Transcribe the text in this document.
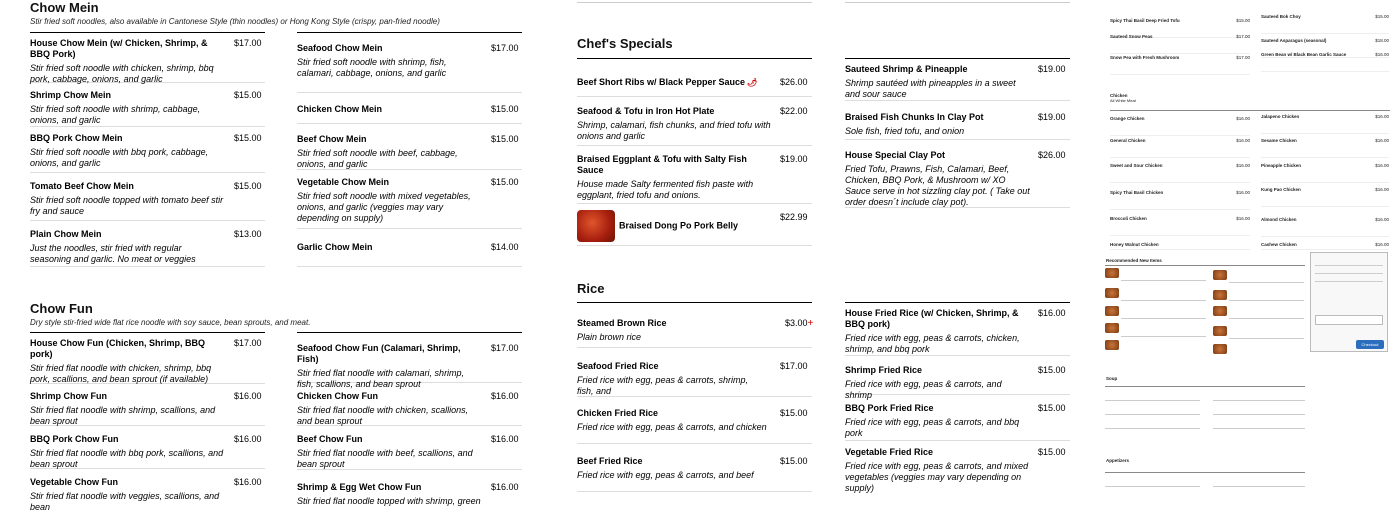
Chow Mein
Stir fried soft noodles, also available in Cantonese Style (thin noodles) or Hong Kong Style (crispy, pan-fried noodle)
House Chow Mein (w/ Chicken, Shrimp, & BBQ Pork)
Stir fried soft noodle with chicken, shrimp, bbq pork, cabbage, onions, and garlic
$17.00
Shrimp Chow Mein
Stir fried soft noodle with shrimp, cabbage, onions, and garlic
$15.00
BBQ Pork Chow Mein
Stir fried soft noodle with bbq pork, cabbage, onions, and garlic
$15.00
Tomato Beef Chow Mein
Stir fried soft noodle topped with tomato beef stir fry and sauce
$15.00
Plain Chow Mein
Just the noodles, stir fried with regular seasoning and garlic. No meat or veggies
$13.00
Seafood Chow Mein
Stir fried soft noodle with shrimp, fish, calamari, cabbage, onions, and garlic
$17.00
Chicken Chow Mein	$15.00
Beef Chow Mein
Stir fried soft noodle with beef, cabbage, onions, and garlic
$15.00
Vegetable Chow Mein
Stir fried soft noodle with mixed vegetables, onions, and garlic (veggies may vary depending on supply)
$15.00
Garlic Chow Mein	$14.00
Chow Fun
Dry style stir-fried wide flat rice noodle with soy sauce, bean sprouts, and meat.
House Chow Fun (Chicken, Shrimp, BBQ pork)
Stir fried flat noodle with chicken, shrimp, bbq pork, scallions, and bean sprout (if available)
$17.00
Shrimp Chow Fun
Stir fried flat noodle with shrimp, scallions, and bean sprout
$16.00
BBQ Pork Chow Fun
Stir fried flat noodle with bbq pork, scallions, and bean sprout
$16.00
Vegetable Chow Fun
Stir fried flat noodle with veggies, scallions, and bean
$16.00
Seafood Chow Fun (Calamari, Shrimp, Fish)
Stir fried flat noodle with calamari, shrimp, fish, scallions, and bean sprout
$17.00
Chicken Chow Fun
Stir fried flat noodle with chicken, scallions, and bean sprout
$16.00
Beef Chow Fun
Stir fried flat noodle with beef, scallions, and bean sprout
$16.00
Shrimp & Egg Wet Chow Fun
Stir fried flat noodle topped with shrimp, green
$16.00
Chef's Specials
Beef Short Ribs w/ Black Pepper Sauce 🌶	$26.00
Seafood & Tofu in Iron Hot Plate
Shrimp, calamari, fish chunks, and fried tofu with onions and garlic
$22.00
Braised Eggplant & Tofu with Salty Fish Sauce
House made Salty fermented fish paste with eggplant, fried tofu and onions.
$19.00
Braised Dong Po Pork Belly
$22.99
Sauteed Shrimp & Pineapple
Shrimp sautéed with pineapples in a sweet and sour sauce
$19.00
Braised Fish Chunks In Clay Pot
Sole fish, fried tofu, and onion
$19.00
House Special Clay Pot
Fried Tofu, Prawns, Fish, Calamari, Beef, Chicken, BBQ Pork, & Mushroom w/ XO Sauce serve in hot sizzling clay pot. ( Take out order doesn´t include clay pot).
$26.00
Rice
Steamed Brown Rice
Plain brown rice
$3.00+
Seafood Fried Rice
Fried rice with egg, peas & carrots, shrimp, fish, and
$17.00
Chicken Fried Rice
Fried rice with egg, peas & carrots, and chicken
$15.00
Beef Fried Rice
Fried rice with egg, peas & carrots, and beef
$15.00
House Fried Rice (w/ Chicken, Shrimp, & BBQ pork)
Fried rice with egg, peas & carrots, chicken, shrimp, and bbq pork
$16.00
Shrimp Fried Rice
Fried rice with egg, peas & carrots, and shrimp
$15.00
BBQ Pork Fried Rice
Fried rice with egg, peas & carrots, and bbq pork
$15.00
Vegetable Fried Rice
Fried rice with egg, peas & carrots, and mixed vegetables (veggies may vary depending on supply)
$15.00
Spicy Thai Basil Deep Fried Tofu	$15.00
Sauteed Snow Peas	$17.00
Snow Pea with Fresh Mushroom	$17.00
Sauteed Bok Choy	$15.00
Sauteed Asparagus (seasonal)	$18.00
Green Bean w/ Black Bean Garlic Sauce	$16.00
Chicken
All White Meat
Orange Chicken	$16.00
General Chicken	$16.00
Sweet and Sour Chicken	$16.00
Spicy Thai Basil Chicken	$16.00
Broccoli Chicken	$16.00
Honey Walnut Chicken
Jalapeno Chicken	$16.00
Sesame Chicken	$16.00
Pineapple Chicken	$16.00
Kung Pao Chicken	$16.00
Almond Chicken	$16.00
Cashew Chicken	$16.00
Recommended New Items
Soup
Appetizers
Checkout
